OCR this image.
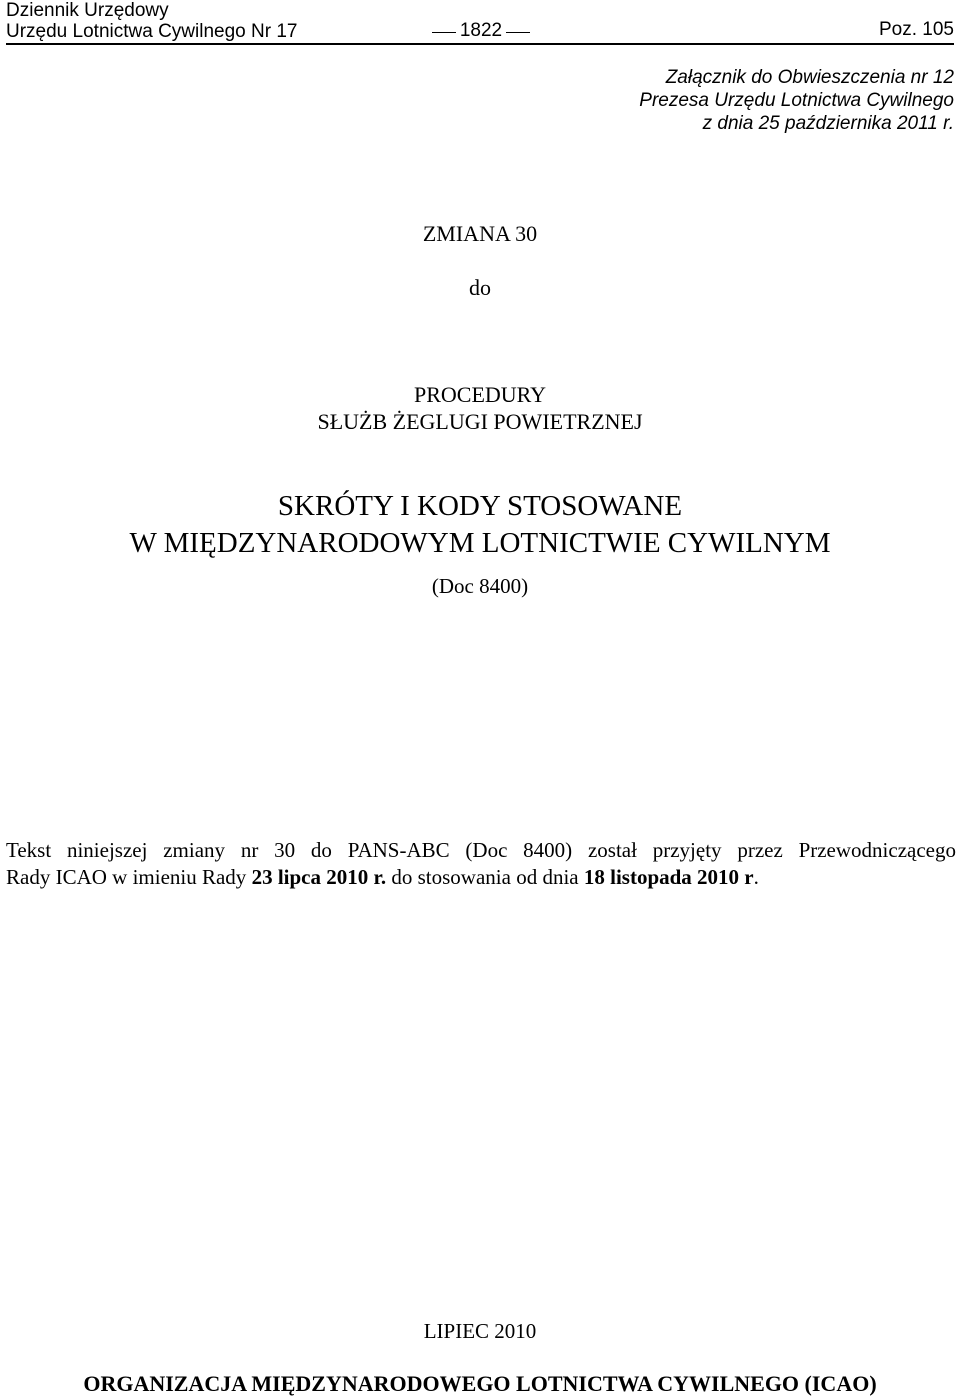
Dziennik Urzędowy
Urzędu Lotnictwa Cywilnego Nr 17	1822	Poz. 105
Załącznik do Obwieszczenia nr 12
Prezesa Urzędu Lotnictwa Cywilnego
z dnia 25 października 2011 r.
ZMIANA 30
do
PROCEDURY
SŁUŻB ŻEGLUGI POWIETRZNEJ
SKRÓTY I KODY STOSOWANE
W MIĘDZYNARODOWYM LOTNICTWIE CYWILNYM
(Doc 8400)
Tekst niniejszej zmiany nr 30 do PANS-ABC (Doc 8400) został przyjęty przez Przewodniczącego
Rady ICAO w imieniu Rady 23 lipca 2010 r. do stosowania od dnia 18 listopada 2010 r.
LIPIEC 2010
ORGANIZACJA MIĘDZYNARODOWEGO LOTNICTWA CYWILNEGO (ICAO)
